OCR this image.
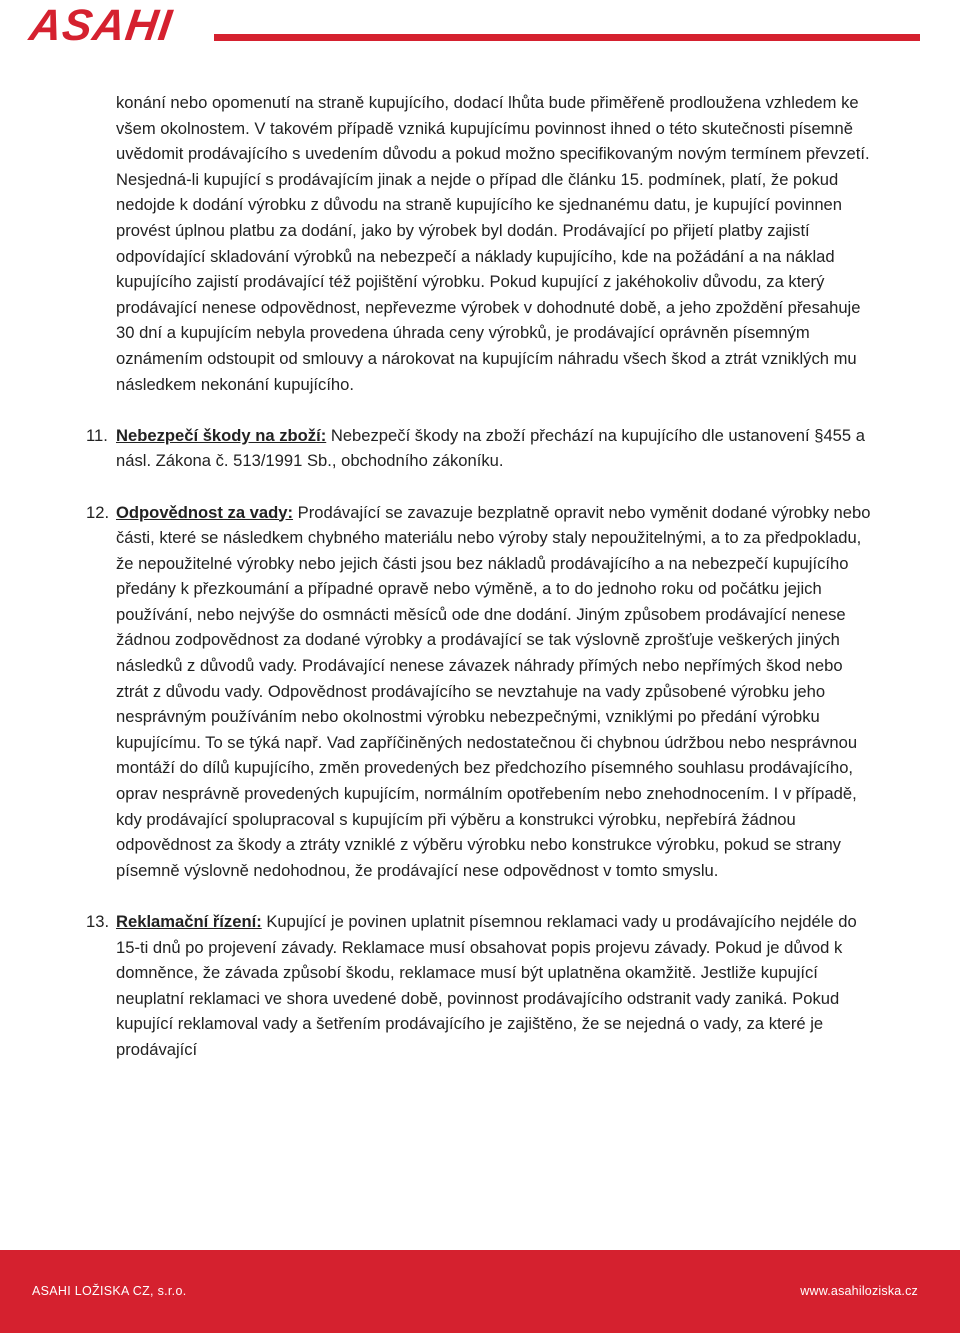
ASAHI

konání nebo opomenutí na straně kupujícího, dodací lhůta bude přiměřeně prodloužena vzhledem ke všem okolnostem. V takovém případě vzniká kupujícímu povinnost ihned o této skutečnosti písemně uvědomit prodávajícího s uvedením důvodu a pokud možno specifikovaným novým termínem převzetí. Nesjedná-li kupující s prodávajícím jinak a nejde o případ dle článku 15. podmínek, platí, že pokud nedojde k dodání výrobku z důvodu na straně kupujícího ke sjednanému datu, je kupující povinnen provést úplnou platbu za dodání, jako by výrobek byl dodán. Prodávající po přijetí platby zajistí odpovídající skladování výrobků na nebezpečí a náklady kupujícího, kde na požádání a na náklad kupujícího zajistí prodávající též pojištění výrobku. Pokud kupující z jakéhokoliv důvodu, za který prodávající nenese odpovědnost, nepřevezme výrobek v dohodnuté době, a jeho zpoždění přesahuje 30 dní a kupujícím nebyla provedena úhrada ceny výrobků, je prodávající oprávněn písemným oznámením odstoupit od smlouvy a nárokovat na kupujícím náhradu všech škod a ztrát vzniklých mu následkem nekonání kupujícího.

11. Nebezpečí škody na zboží: Nebezpečí škody na zboží přechází na kupujícího dle ustanovení §455 a násl. Zákona č. 513/1991 Sb., obchodního zákoníku.
12. Odpovědnost za vady: Prodávající se zavazuje bezplatně opravit nebo vyměnit dodané výrobky nebo části, které se následkem chybného materiálu nebo výroby staly nepoužitelnými, a to za předpokladu, že nepoužitelné výrobky nebo jejich části jsou bez nákladů prodávajícího a na nebezpečí kupujícího předány k přezkoumání a případné opravě nebo výměně, a to do jednoho roku od počátku jejich používání, nebo nejvýše do osmnácti měsíců ode dne dodání. Jiným způsobem prodávající nenese žádnou zodpovědnost za dodané výrobky a prodávající se tak výslovně zprošťuje veškerých jiných následků z důvodů vady. Prodávající nenese závazek náhrady přímých nebo nepřímých škod nebo ztrát z důvodu vady. Odpovědnost prodávajícího se nevztahuje na vady způsobené výrobku jeho nesprávným používáním nebo okolnostmi výrobku nebezpečnými, vzniklými po předání výrobku kupujícímu. To se týká např. Vad zapříčiněných nedostatečnou či chybnou údržbou nebo nesprávnou montáží do dílů kupujícího, změn provedených bez předchozího písemného souhlasu prodávajícího, oprav nesprávně provedených kupujícím, normálním opotřebením nebo znehodnocením. I v případě, kdy prodávající spolupracoval s kupujícím při výběru a konstrukci výrobku, nepřebírá žádnou odpovědnost za škody a ztráty vzniklé z výběru výrobku nebo konstrukce výrobku, pokud se strany písemně výslovně nedohodnou, že prodávající nese odpovědnost v tomto smyslu.
13. Reklamační řízení: Kupující je povinen uplatnit písemnou reklamaci vady u prodávajícího nejdéle do 15-ti dnů po projevení závady. Reklamace musí obsahovat popis projevu závady. Pokud je důvod k domněnce, že závada způsobí škodu, reklamace musí být uplatněna okamžitě. Jestliže kupující neuplatní reklamaci ve shora uvedené době, povinnost prodávajícího odstranit vady zaniká. Pokud kupující reklamoval vady a šetřením prodávajícího je zajištěno, že se nejedná o vady, za které je prodávající
ASAHI LOŽISKA CZ, s.r.o.	www.asahiloziska.cz
